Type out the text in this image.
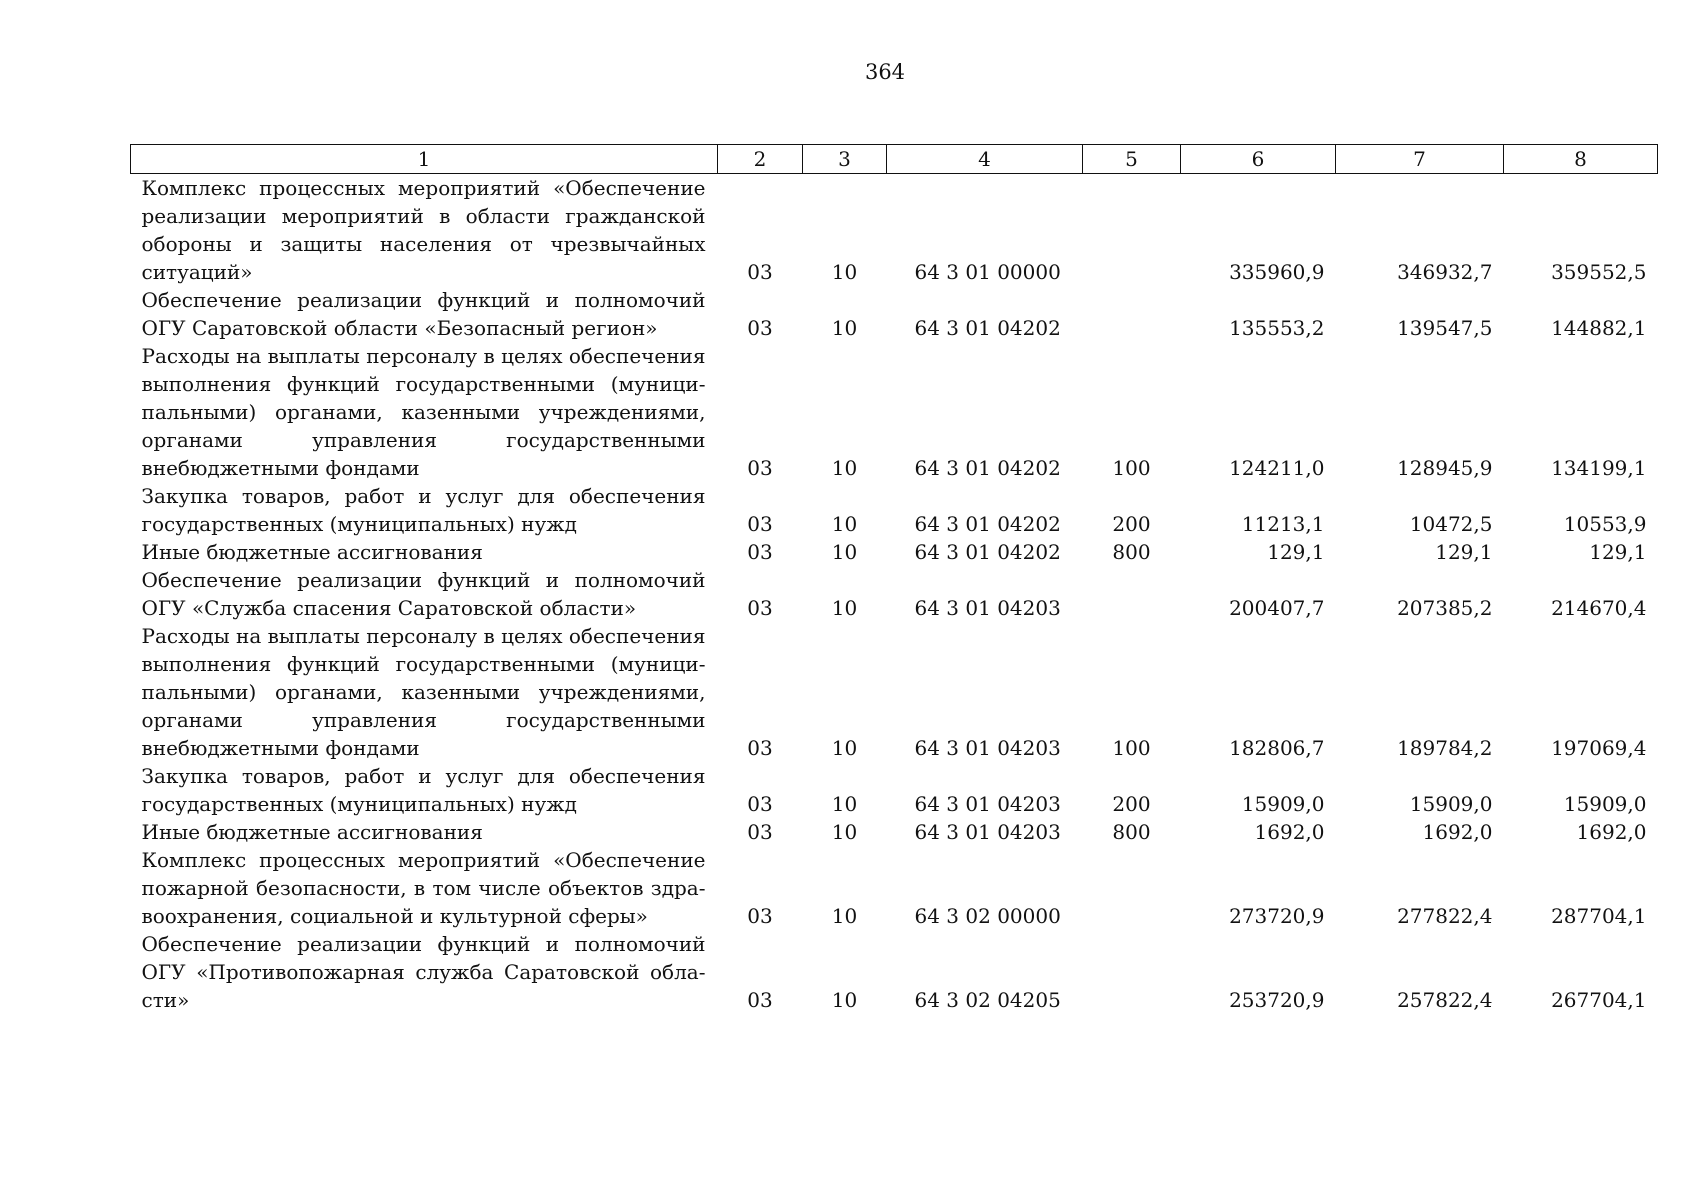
364
1	2	3	4	5	6	7	8
Комплекс процессных мероприятий «Обеспечение реализации мероприятий в области гражданской обороны и защиты населения от чрезвычайных ситуаций»	03	10	64 3 01 00000		335960,9	346932,7	359552,5
Обеспечение реализации функций и полномочий ОГУ Саратовской области «Безопасный регион»	03	10	64 3 01 04202		135553,2	139547,5	144882,1
Расходы на выплаты персоналу в целях обеспечения выполнения функций государственными (муниципальными) органами, казенными учреждениями, органами управления государственными внебюджетными фондами	03	10	64 3 01 04202	100	124211,0	128945,9	134199,1
Закупка товаров, работ и услуг для обеспечения государственных (муниципальных) нужд	03	10	64 3 01 04202	200	11213,1	10472,5	10553,9
Иные бюджетные ассигнования	03	10	64 3 01 04202	800	129,1	129,1	129,1
Обеспечение реализации функций и полномочий ОГУ «Служба спасения Саратовской области»	03	10	64 3 01 04203		200407,7	207385,2	214670,4
Расходы на выплаты персоналу в целях обеспечения выполнения функций государственными (муниципальными) органами, казенными учреждениями, органами управления государственными внебюджетными фондами	03	10	64 3 01 04203	100	182806,7	189784,2	197069,4
Закупка товаров, работ и услуг для обеспечения государственных (муниципальных) нужд	03	10	64 3 01 04203	200	15909,0	15909,0	15909,0
Иные бюджетные ассигнования	03	10	64 3 01 04203	800	1692,0	1692,0	1692,0
Комплекс процессных мероприятий «Обеспечение пожарной безопасности, в том числе объектов здравоохранения, социальной и культурной сферы»	03	10	64 3 02 00000		273720,9	277822,4	287704,1
Обеспечение реализации функций и полномочий ОГУ «Противопожарная служба Саратовской области»	03	10	64 3 02 04205		253720,9	257822,4	267704,1
